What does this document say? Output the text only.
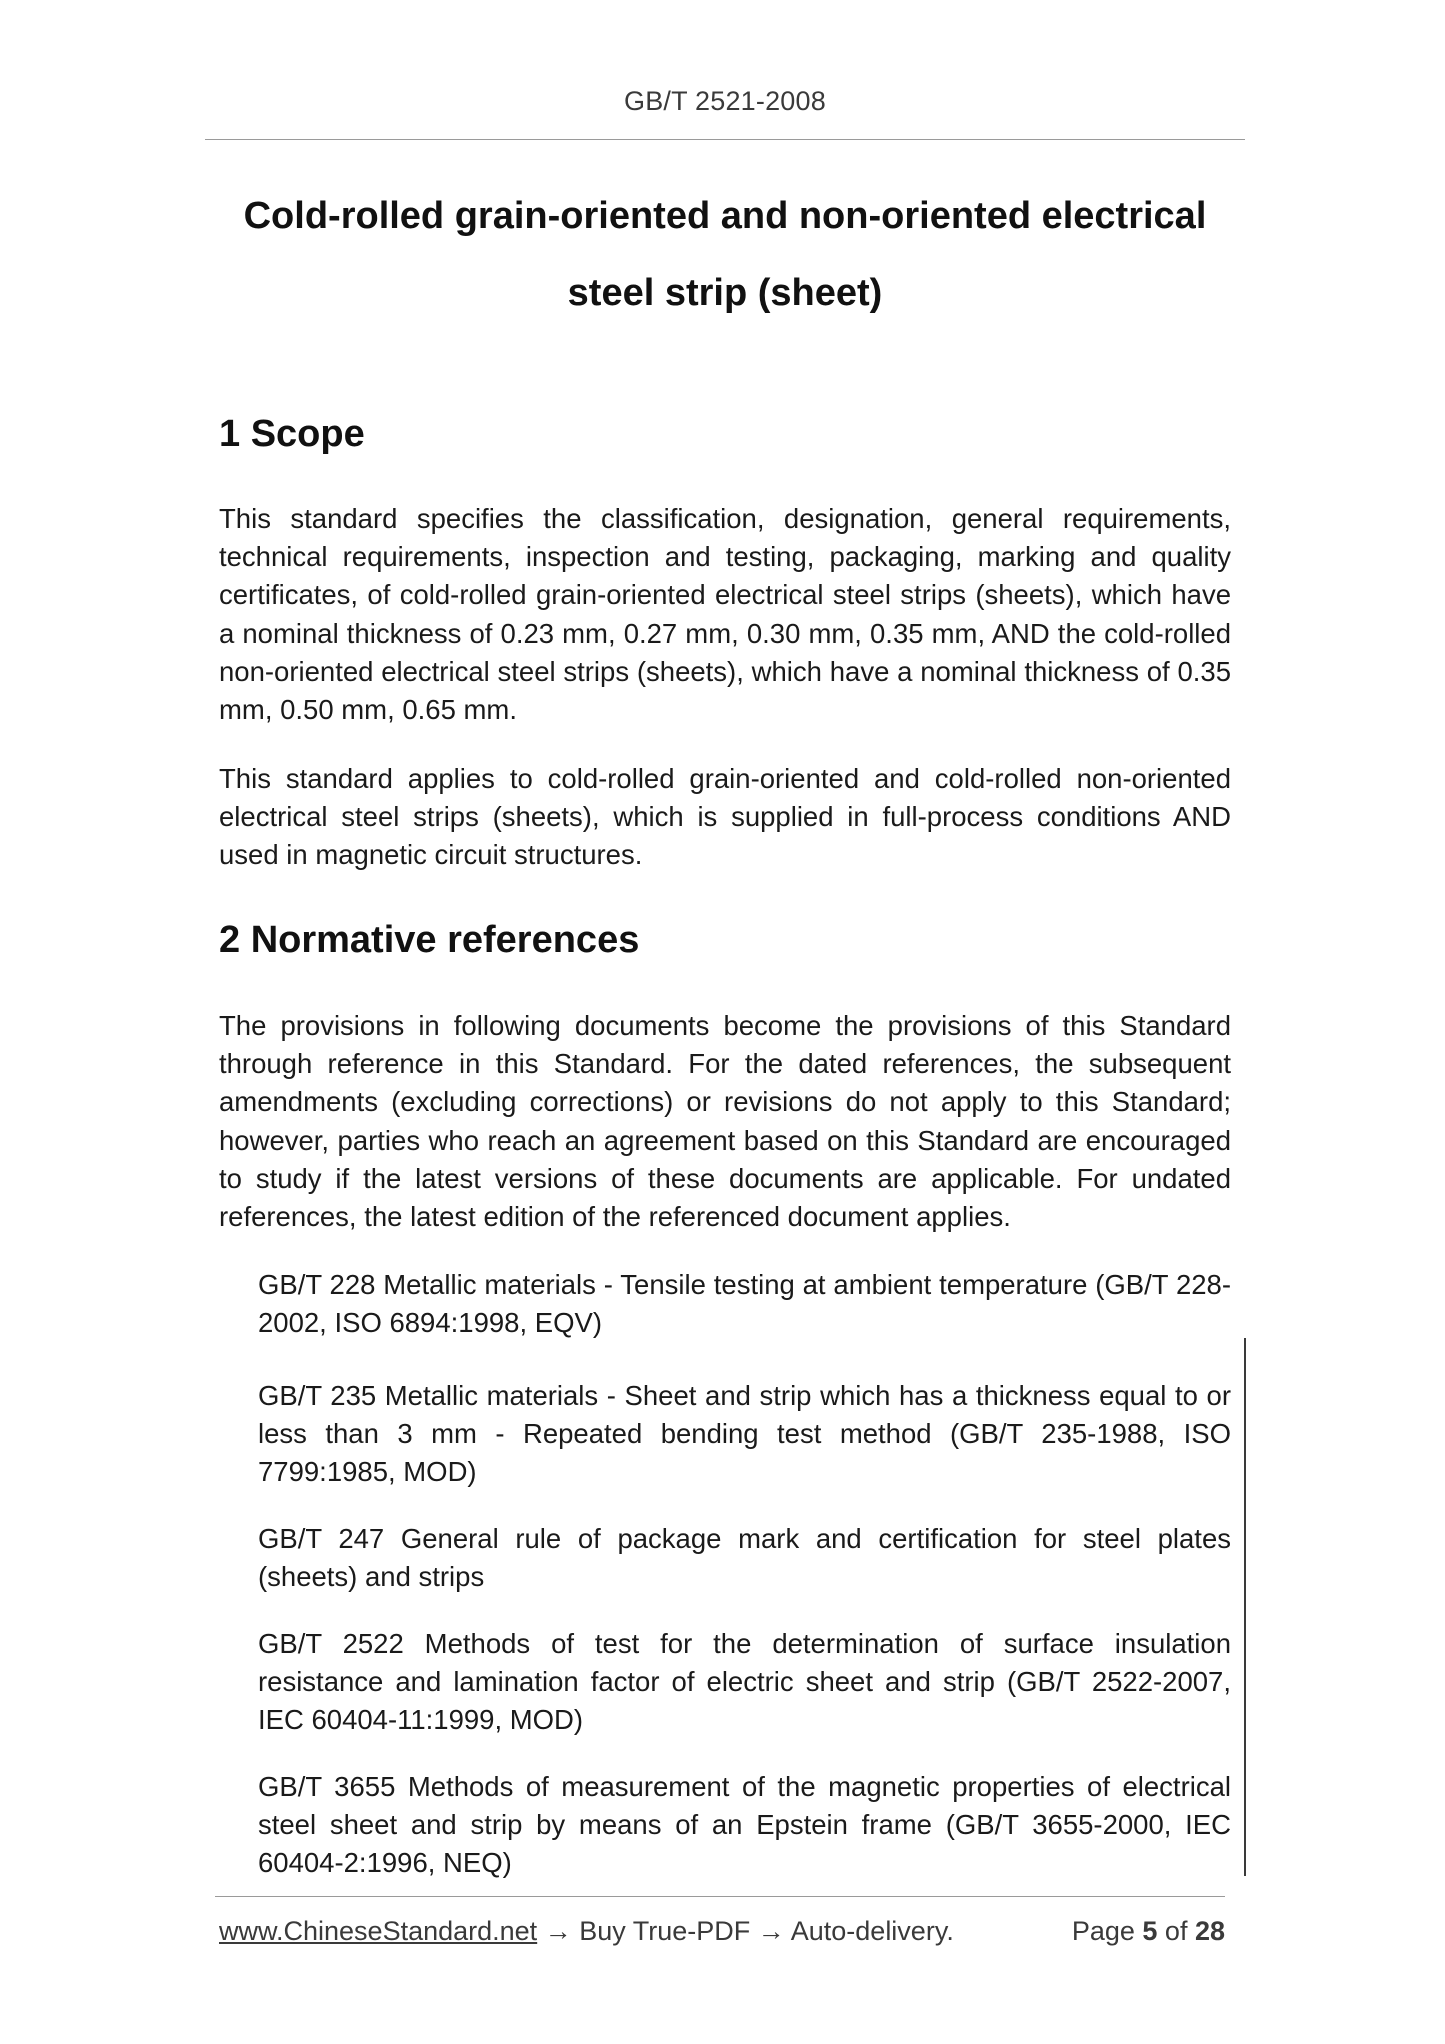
GB/T 2521-2008
Cold-rolled grain-oriented and non-oriented electrical
steel strip (sheet)
1 Scope

This standard specifies the classification, designation, general requirements, technical requirements, inspection and testing, packaging, marking and quality certificates, of cold-rolled grain-oriented electrical steel strips (sheets), which have a nominal thickness of 0.23 mm, 0.27 mm, 0.30 mm, 0.35 mm, AND the cold-rolled non-oriented electrical steel strips (sheets), which have a nominal thickness of 0.35 mm, 0.50 mm, 0.65 mm.

This standard applies to cold-rolled grain-oriented and cold-rolled non-oriented electrical steel strips (sheets), which is supplied in full-process conditions AND used in magnetic circuit structures.

2 Normative references

The provisions in following documents become the provisions of this Standard through reference in this Standard. For the dated references, the subsequent amendments (excluding corrections) or revisions do not apply to this Standard; however, parties who reach an agreement based on this Standard are encouraged to study if the latest versions of these documents are applicable. For undated references, the latest edition of the referenced document applies.

GB/T 228 Metallic materials - Tensile testing at ambient temperature (GB/T 228-2002, ISO 6894:1998, EQV)

GB/T 235 Metallic materials - Sheet and strip which has a thickness equal to or less than 3 mm - Repeated bending test method (GB/T 235-1988, ISO 7799:1985, MOD)

GB/T 247 General rule of package mark and certification for steel plates (sheets) and strips

GB/T 2522 Methods of test for the determination of surface insulation resistance and lamination factor of electric sheet and strip (GB/T 2522-2007, IEC 60404-11:1999, MOD)

GB/T 3655 Methods of measurement of the magnetic properties of electrical steel sheet and strip by means of an Epstein frame (GB/T 3655-2000, IEC 60404-2:1996, NEQ)

www.ChineseStandard.net → Buy True-PDF → Auto-delivery.	Page 5 of 28
